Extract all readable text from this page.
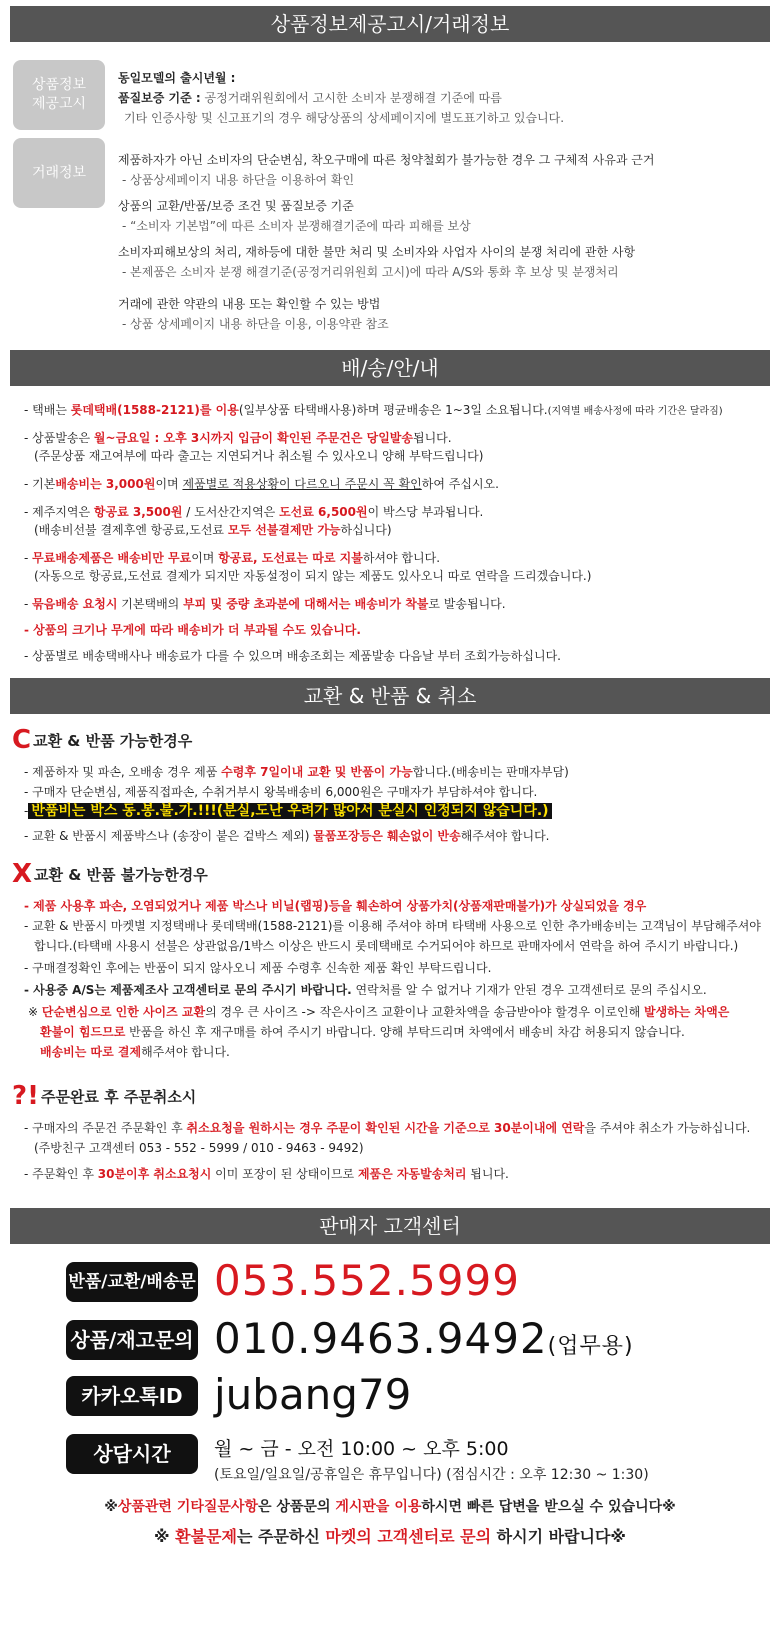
상품정보제공고시/거래정보
상품정보
제공고시
거래정보
동일모델의 출시년월 :
품질보증 기준 : 공정거래위원회에서 고시한 소비자 분쟁해결 기준에 따름
기타 인증사항 및 신고표기의 경우 해당상품의 상세페이지에 별도표기하고 있습니다.
제품하자가 아닌 소비자의 단순변심, 착오구매에 따른 청약철회가 불가능한 경우 그 구체적 사유과 근거
- 상품상세페이지 내용 하단을 이용하여 확인
상품의 교환/반품/보증 조건 및 품질보증 기준
- “소비자 기본법”에 따른 소비자 분쟁해결기준에 따라 피해를 보상
소비자피해보상의 처리, 재하등에 대한 불만 처리 및 소비자와 사업자 사이의 분쟁 처리에 관한 사항
- 본제품은 소비자 분쟁 해결기준(공정거리위원회 고시)에 따라 A/S와 통화 후 보상 및 분쟁처리
거래에 관한 약관의 내용 또는 확인할 수 있는 방법
- 상품 상세페이지 내용 하단을 이용, 이용약관 참조
배/송/안/내
- 택배는 롯데택배(1588-2121)를 이용(일부상품 타택배사용)하며 평균배송은 1~3일 소요됩니다.(지역별 배송사정에 따라 기간은 달라짐)
- 상품발송은 월~금요일 : 오후 3시까지 입금이 확인된 주문건은 당일발송됩니다.
(주문상품 재고여부에 따라 출고는 지연되거나 취소될 수 있사오니 양해 부탁드립니다)
- 기본배송비는 3,000원이며 제품별로 적용상황이 다르오니 주문시 꼭 확인하여 주십시오.
- 제주지역은 항공료 3,500원 / 도서산간지역은 도선료 6,500원이 박스당 부과됩니다.
(배송비선불 결제후엔 항공료,도선료 모두 선불결제만 가능하십니다)
- 무료배송제품은 배송비만 무료이며 항공료, 도선료는 따로 지불하셔야 합니다.
(자동으로 항공료,도선료 결제가 되지만 자동설정이 되지 않는 제품도 있사오니 따로 연락을 드리겠습니다.)
- 묶음배송 요청시 기본택배의 부피 및 중량 초과분에 대해서는 배송비가 착불로 발송됩니다.
- 상품의 크기나 무게에 따라 배송비가 더 부과될 수도 있습니다.
- 상품별로 배송택배사나 배송료가 다를 수 있으며 배송조회는 제품발송 다음날 부터 조회가능하십니다.
교환 & 반품 & 취소
C 교환 & 반품 가능한경우
- 제품하자 및 파손, 오배송 경우 제품 수령후 7일이내 교환 및 반품이 가능합니다.(배송비는 판매자부담)
- 구매자 단순변심, 제품직접파손, 수취거부시 왕복배송비 6,000원은 구매자가 부담하셔야 합니다.
- 반품비는 박스 동.봉.불.가.!!!(분실,도난 우려가 많아서 분실시 인정되지 않습니다.)
- 교환 & 반품시 제품박스나 (송장이 붙은 겉박스 제외) 물품포장등은 훼손없이 반송해주셔야 합니다.
X 교환 & 반품 불가능한경우
- 제품 사용후 파손, 오염되었거나 제품 박스나 비닐(랩핑)등을 훼손하여 상품가치(상품재판매불가)가 상실되었을 경우
- 교환 & 반품시 마켓별 지정택배나 롯데택배(1588-2121)를 이용해 주셔야 하며 타택배 사용으로 인한 추가배송비는 고객님이 부담해주셔야
합니다.(타택배 사용시 선불은 상관없음/1박스 이상은 반드시 롯데택배로 수거되어야 하므로 판매자에서 연락을 하여 주시기 바랍니다.)
- 구매결정확인 후에는 반품이 되지 않사오니 제품 수령후 신속한 제품 확인 부탁드립니다.
- 사용중 A/S는 제품제조사 고객센터로 문의 주시기 바랍니다. 연락처를 알 수 없거나 기재가 안된 경우 고객센터로 문의 주십시오.
※ 단순변심으로 인한 사이즈 교환의 경우 큰 사이즈 -> 작은사이즈 교환이나 교환차액을 송금받아야 할경우 이로인해 발생하는 차액은
환불이 힘드므로 반품을 하신 후 재구매를 하여 주시기 바랍니다. 양해 부탁드리며 차액에서 배송비 차감 허용되지 않습니다.
배송비는 따로 결제해주셔야 합니다.
?! 주문완료 후 주문취소시
- 구매자의 주문건 주문확인 후 취소요청을 원하시는 경우 주문이 확인된 시간을 기준으로 30분이내에 연락을 주셔야 취소가 가능하십니다.
(주방친구 고객센터 053 - 552 - 5999 / 010 - 9463 - 9492)
- 주문확인 후 30분이후 취소요청시 이미 포장이 된 상태이므로 제품은 자동발송처리 됩니다.
판매자 고객센터
반품/교환/배송문 053.552.5999
상품/재고문의 010.9463.9492(업무용)
카카오톡ID jubang79
상담시간	월 ~ 금 - 오전 10:00 ~ 오후 5:00
(토요일/일요일/공휴일은 휴무입니다) (점심시간 : 오후 12:30 ~ 1:30)
※상품관련 기타질문사항은 상품문의 게시판을 이용하시면 빠른 답변을 받으실 수 있습니다※
※ 환불문제는 주문하신 마켓의 고객센터로 문의 하시기 바랍니다※
